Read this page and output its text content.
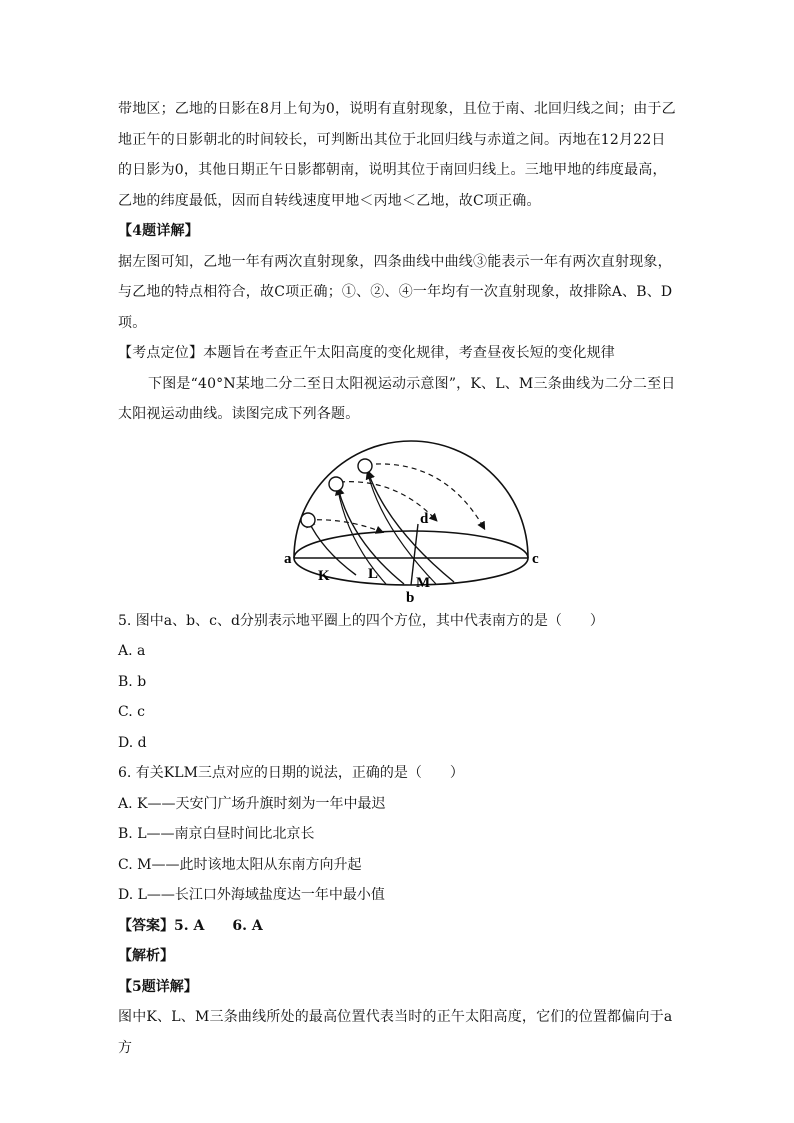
带地区；乙地的日影在8月上旬为0，说明有直射现象，且位于南、北回归线之间；由于乙地正午的日影朝北的时间较长，可判断出其位于北回归线与赤道之间。丙地在12月22日的日影为0，其他日期正午日影都朝南，说明其位于南回归线上。三地甲地的纬度最高，乙地的纬度最低，因而自转线速度甲地＜丙地＜乙地，故C项正确。

【4题详解】

据左图可知，乙地一年有两次直射现象，四条曲线中曲线③能表示一年有两次直射现象，与乙地的特点相符合，故C项正确；①、②、④一年均有一次直射现象，故排除A、B、D项。

【考点定位】本题旨在考查正午太阳高度的变化规律，考查昼夜长短的变化规律

下图是“40°N某地二分二至日太阳视运动示意图”，K、L、M三条曲线为二分二至日太阳视运动曲线。读图完成下列各题。

a	c
b
d
K	L
M

5. 图中a、b、c、d分别表示地平圈上的四个方位，其中代表南方的是（　　）

A. a

B. b

C. c

D. d

6. 有关KLM三点对应的日期的说法，正确的是（　　）

A. K——天安门广场升旗时刻为一年中最迟

B. L——南京白昼时间比北京长

C. M——此时该地太阳从东南方向升起

D. L——长江口外海域盐度达一年中最小值

【答案】5. A　　6. A

【解析】

【5题详解】

图中K、L、M三条曲线所处的最高位置代表当时的正午太阳高度，它们的位置都偏向于a方
